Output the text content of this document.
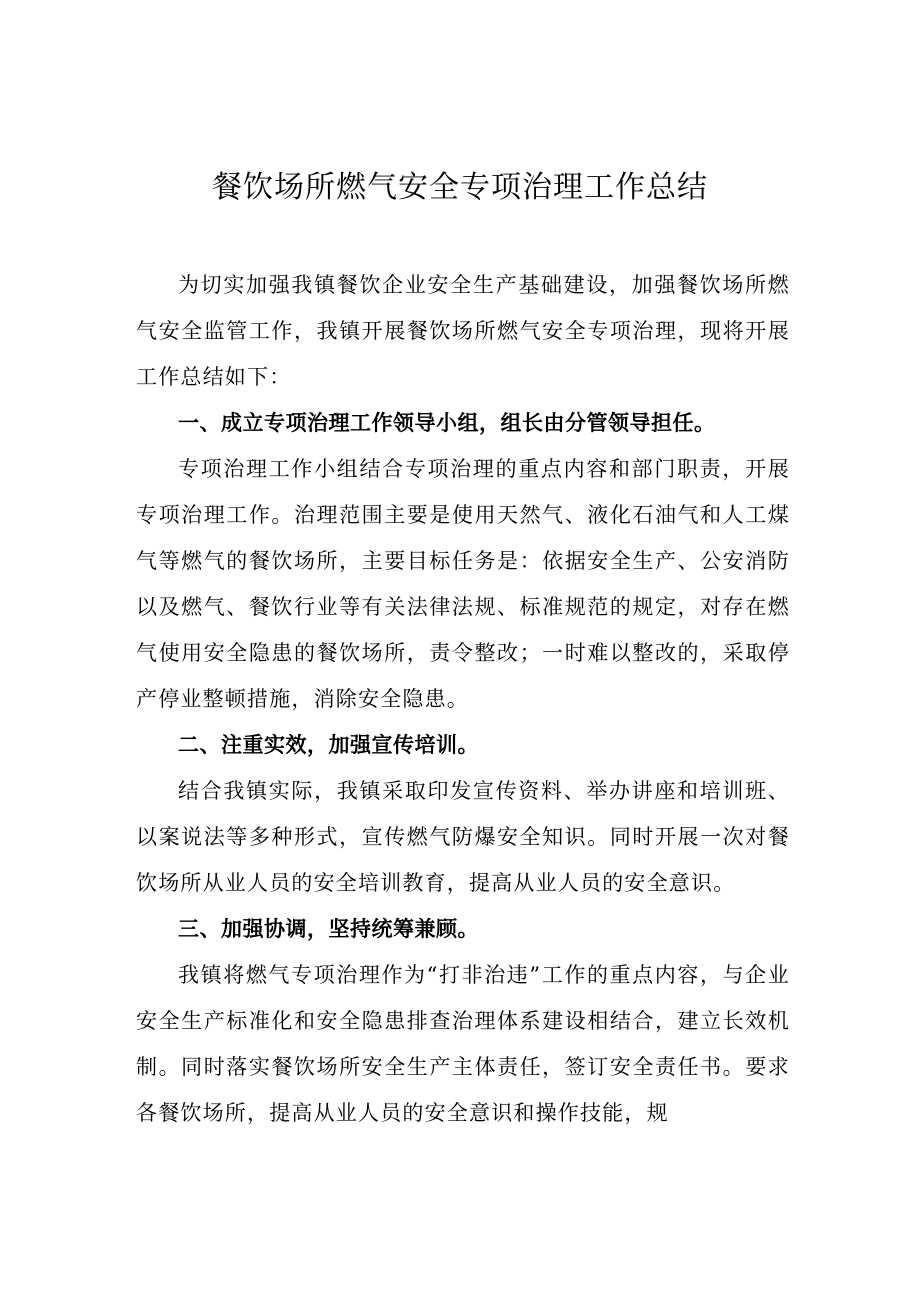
餐饮场所燃气安全专项治理工作总结

为切实加强我镇餐饮企业安全生产基础建设，加强餐饮场所燃气安全监管工作，我镇开展餐饮场所燃气安全专项治理，现将开展工作总结如下：

一、成立专项治理工作领导小组，组长由分管领导担任。

专项治理工作小组结合专项治理的重点内容和部门职责，开展专项治理工作。治理范围主要是使用天然气、液化石油气和人工煤气等燃气的餐饮场所，主要目标任务是：依据安全生产、公安消防以及燃气、餐饮行业等有关法律法规、标准规范的规定，对存在燃气使用安全隐患的餐饮场所，责令整改；一时难以整改的，采取停产停业整顿措施，消除安全隐患。

二、注重实效，加强宣传培训。

结合我镇实际，我镇采取印发宣传资料、举办讲座和培训班、以案说法等多种形式，宣传燃气防爆安全知识。同时开展一次对餐饮场所从业人员的安全培训教育，提高从业人员的安全意识。

三、加强协调，坚持统筹兼顾。

我镇将燃气专项治理作为“打非治违”工作的重点内容，与企业安全生产标准化和安全隐患排查治理体系建设相结合，建立长效机制。同时落实餐饮场所安全生产主体责任，签订安全责任书。要求各餐饮场所，提高从业人员的安全意识和操作技能，规
